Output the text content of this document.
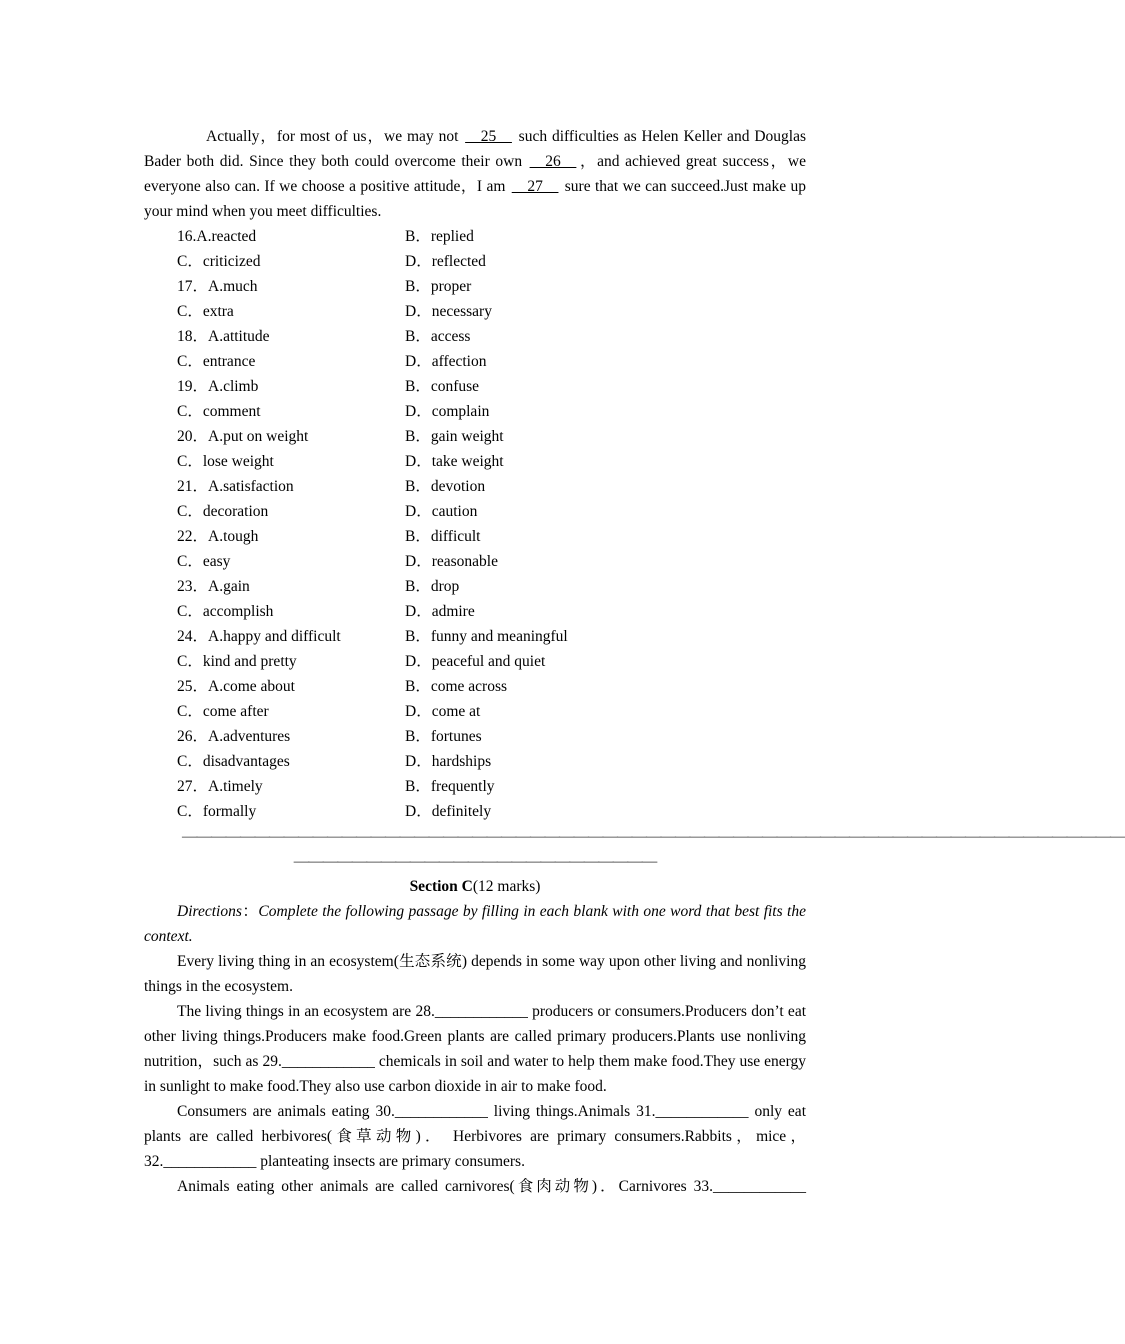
Actually，for most of us，we may not __25__ such difficulties as Helen Keller and Douglas Bader both did. Since they both could overcome their own __26__ ，and achieved great success，we everyone also can. If we choose a positive attitude，I am __27__ sure that we can succeed.Just make up your mind when you meet difficulties.

16.A.reacted	B．replied
C．criticized	D．reflected
17．A.much	B．proper
C．extra	D．necessary
18．A.attitude	B．access
C．entrance	D．affection
19．A.climb	B．confuse
C．comment	D．complain
20．A.put on weight	B．gain weight
C．lose weight	D．take weight
21．A.satisfaction	B．devotion
C．decoration	D．caution
22．A.tough	B．difficult
C．easy	D．reasonable
23．A.gain	B．drop
C．accomplish	D．admire
24．A.happy and difficult	B．funny and meaningful
C．kind and pretty	D．peaceful and quiet
25．A.come about	B．come across
C．come after	D．come at
26．A.adventures	B．fortunes
C．disadvantages	D．hardships
27．A.timely	B．frequently
C．formally	D．definitely
—————————————————————————————————————————————————————————————————
—————————————————————————

Section C(12 marks)

Directions：Complete the following passage by filling in each blank with one word that best fits the context.

Every living thing in an ecosystem(生态系统) depends in some way upon other living and nonliving things in the ecosystem.

The living things in an ecosystem are 28.____________ producers or consumers.Producers don’t eat other living things.Producers make food.Green plants are called primary producers.Plants use nonliving nutrition，such as 29.____________ chemicals in soil and water to help them make food.They use energy in sunlight to make food.They also use carbon dioxide in air to make food.

Consumers are animals eating 30.____________ living things.Animals 31.____________ only eat plants are called herbivores(食草动物)． Herbivores are primary consumers.Rabbits，mice，32.____________ planteating insects are primary consumers.

Animals eating other animals are called carnivores(食肉动物)．Carnivores 33.____________
